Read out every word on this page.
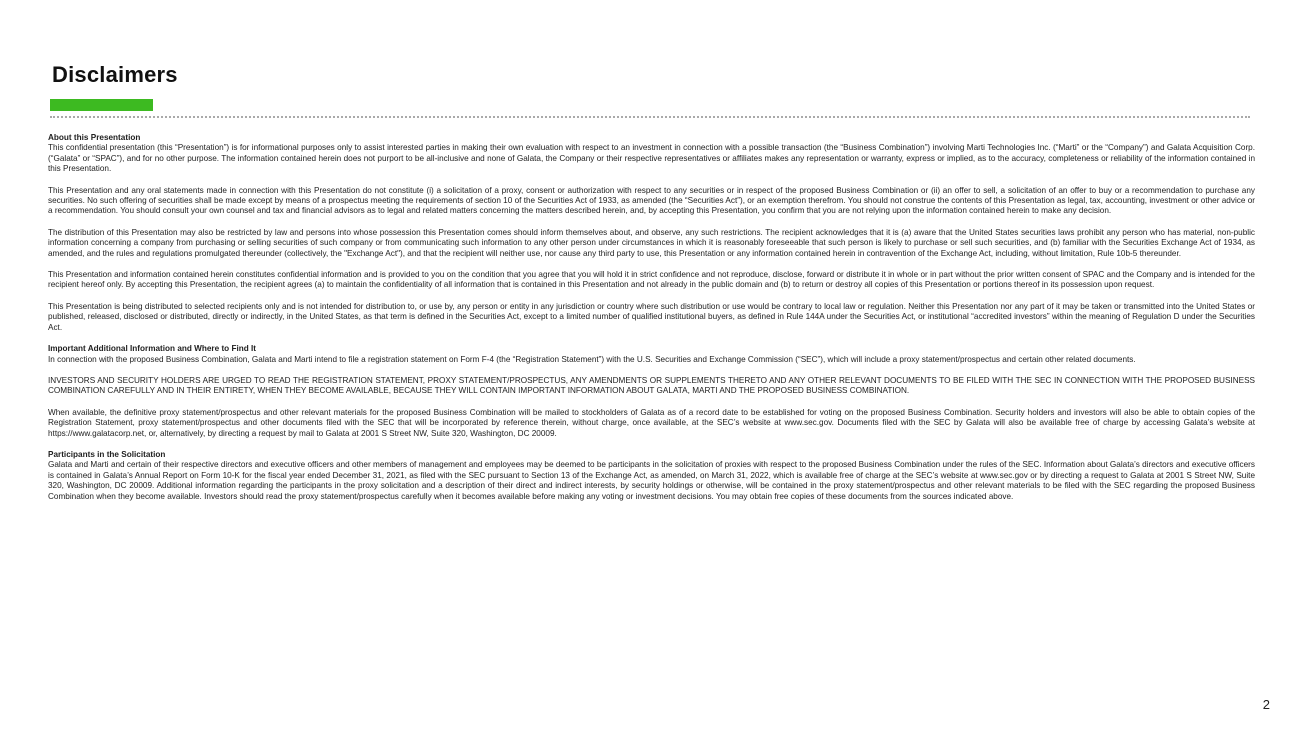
Disclaimers

About this Presentation

This confidential presentation (this “Presentation”) is for informational purposes only to assist interested parties in making their own evaluation with respect to an investment in connection with a possible transaction (the “Business Combination”) involving Marti Technologies Inc. (“Marti” or the “Company”) and Galata Acquisition Corp. (“Galata” or “SPAC”), and for no other purpose. The information contained herein does not purport to be all-inclusive and none of Galata, the Company or their respective representatives or affiliates makes any representation or warranty, express or implied, as to the accuracy, completeness or reliability of the information contained in this Presentation.

This Presentation and any oral statements made in connection with this Presentation do not constitute (i) a solicitation of a proxy, consent or authorization with respect to any securities or in respect of the proposed Business Combination or (ii) an offer to sell, a solicitation of an offer to buy or a recommendation to purchase any securities. No such offering of securities shall be made except by means of a prospectus meeting the requirements of section 10 of the Securities Act of 1933, as amended (the “Securities Act”), or an exemption therefrom. You should not construe the contents of this Presentation as legal, tax, accounting, investment or other advice or a recommendation. You should consult your own counsel and tax and financial advisors as to legal and related matters concerning the matters described herein, and, by accepting this Presentation, you confirm that you are not relying upon the information contained herein to make any decision.

The distribution of this Presentation may also be restricted by law and persons into whose possession this Presentation comes should inform themselves about, and observe, any such restrictions. The recipient acknowledges that it is (a) aware that the United States securities laws prohibit any person who has material, non-public information concerning a company from purchasing or selling securities of such company or from communicating such information to any other person under circumstances in which it is reasonably foreseeable that such person is likely to purchase or sell such securities, and (b) familiar with the Securities Exchange Act of 1934, as amended, and the rules and regulations promulgated thereunder (collectively, the "Exchange Act"), and that the recipient will neither use, nor cause any third party to use, this Presentation or any information contained herein in contravention of the Exchange Act, including, without limitation, Rule 10b-5 thereunder.

This Presentation and information contained herein constitutes confidential information and is provided to you on the condition that you agree that you will hold it in strict confidence and not reproduce, disclose, forward or distribute it in whole or in part without the prior written consent of SPAC and the Company and is intended for the recipient hereof only. By accepting this Presentation, the recipient agrees (a) to maintain the confidentiality of all information that is contained in this Presentation and not already in the public domain and (b) to return or destroy all copies of this Presentation or portions thereof in its possession upon request.

This Presentation is being distributed to selected recipients only and is not intended for distribution to, or use by, any person or entity in any jurisdiction or country where such distribution or use would be contrary to local law or regulation. Neither this Presentation nor any part of it may be taken or transmitted into the United States or published, released, disclosed or distributed, directly or indirectly, in the United States, as that term is defined in the Securities Act, except to a limited number of qualified institutional buyers, as defined in Rule 144A under the Securities Act, or institutional “accredited investors” within the meaning of Regulation D under the Securities Act.

Important Additional Information and Where to Find It

In connection with the proposed Business Combination, Galata and Marti intend to file a registration statement on Form F-4 (the “Registration Statement”) with the U.S. Securities and Exchange Commission (“SEC”), which will include a proxy statement/prospectus and certain other related documents.

INVESTORS AND SECURITY HOLDERS ARE URGED TO READ THE REGISTRATION STATEMENT, PROXY STATEMENT/PROSPECTUS, ANY AMENDMENTS OR SUPPLEMENTS THERETO AND ANY OTHER RELEVANT DOCUMENTS TO BE FILED WITH THE SEC IN CONNECTION WITH THE PROPOSED BUSINESS COMBINATION CAREFULLY AND IN THEIR ENTIRETY, WHEN THEY BECOME AVAILABLE, BECAUSE THEY WILL CONTAIN IMPORTANT INFORMATION ABOUT GALATA, MARTI AND THE PROPOSED BUSINESS COMBINATION.

When available, the definitive proxy statement/prospectus and other relevant materials for the proposed Business Combination will be mailed to stockholders of Galata as of a record date to be established for voting on the proposed Business Combination. Security holders and investors will also be able to obtain copies of the Registration Statement, proxy statement/prospectus and other documents filed with the SEC that will be incorporated by reference therein, without charge, once available, at the SEC’s website at www.sec.gov. Documents filed with the SEC by Galata will also be available free of charge by accessing Galata’s website at https://www.galatacorp.net, or, alternatively, by directing a request by mail to Galata at 2001 S Street NW, Suite 320, Washington, DC 20009.

Participants in the Solicitation

Galata and Marti and certain of their respective directors and executive officers and other members of management and employees may be deemed to be participants in the solicitation of proxies with respect to the proposed Business Combination under the rules of the SEC. Information about Galata’s directors and executive officers is contained in Galata’s Annual Report on Form 10-K for the fiscal year ended December 31, 2021, as filed with the SEC pursuant to Section 13 of the Exchange Act, as amended, on March 31, 2022, which is available free of charge at the SEC’s website at www.sec.gov or by directing a request to Galata at 2001 S Street NW, Suite 320, Washington, DC 20009. Additional information regarding the participants in the proxy solicitation and a description of their direct and indirect interests, by security holdings or otherwise, will be contained in the proxy statement/prospectus and other relevant materials to be filed with the SEC regarding the proposed Business Combination when they become available. Investors should read the proxy statement/prospectus carefully when it becomes available before making any voting or investment decisions. You may obtain free copies of these documents from the sources indicated above.

2
